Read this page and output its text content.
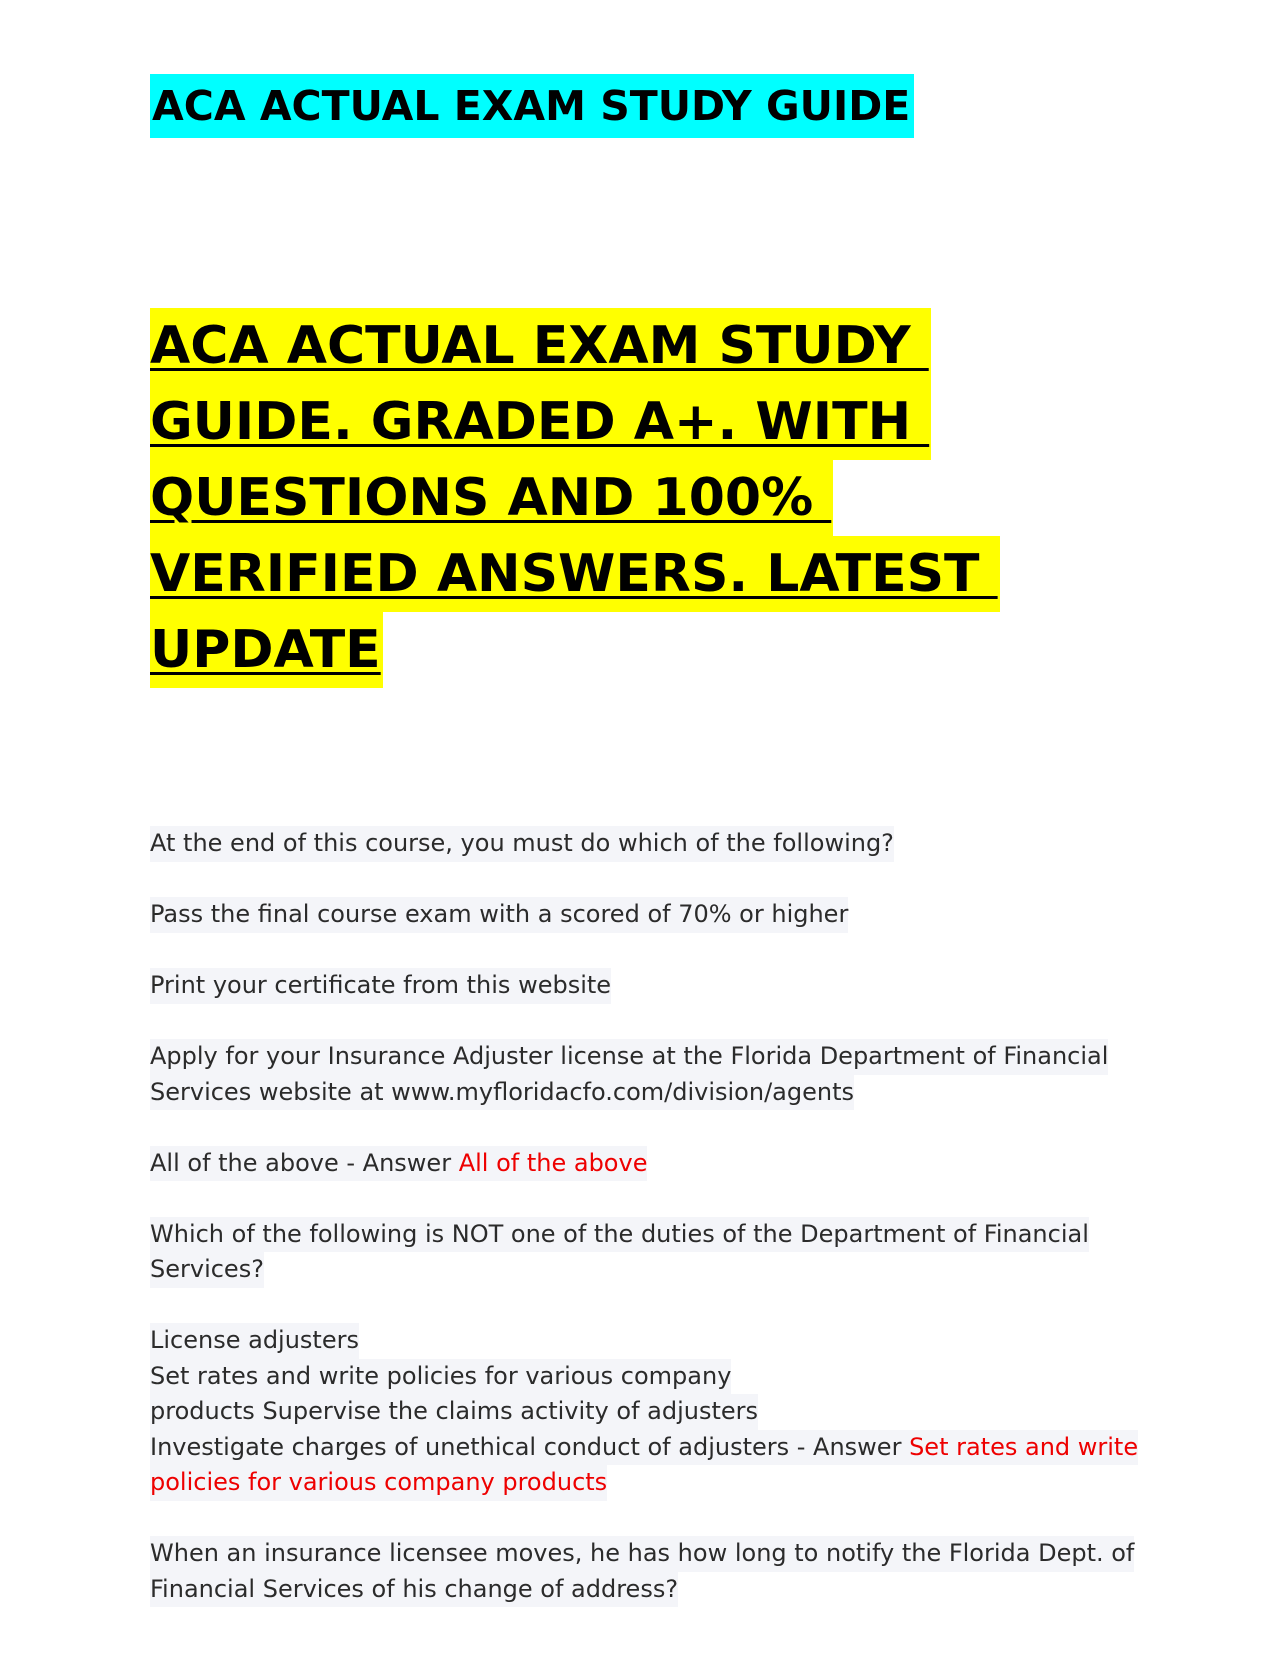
ACA ACTUAL EXAM STUDY GUIDE
ACA ACTUAL EXAM STUDY
GUIDE. GRADED A+. WITH
QUESTIONS AND 100%
VERIFIED ANSWERS. LATEST
UPDATE
At the end of this course, you must do which of the following?
Pass the final course exam with a scored of 70% or higher
Print your certificate from this website
Apply for your Insurance Adjuster license at the Florida Department of Financial
Services website at www.myfloridacfo.com/division/agents
All of the above - Answer All of the above
Which of the following is NOT one of the duties of the Department of Financial
Services?
License adjusters
Set rates and write policies for various company
products Supervise the claims activity of adjusters
Investigate charges of unethical conduct of adjusters - Answer Set rates and write
policies for various company products
When an insurance licensee moves, he has how long to notify the Florida Dept. of
Financial Services of his change of address?
